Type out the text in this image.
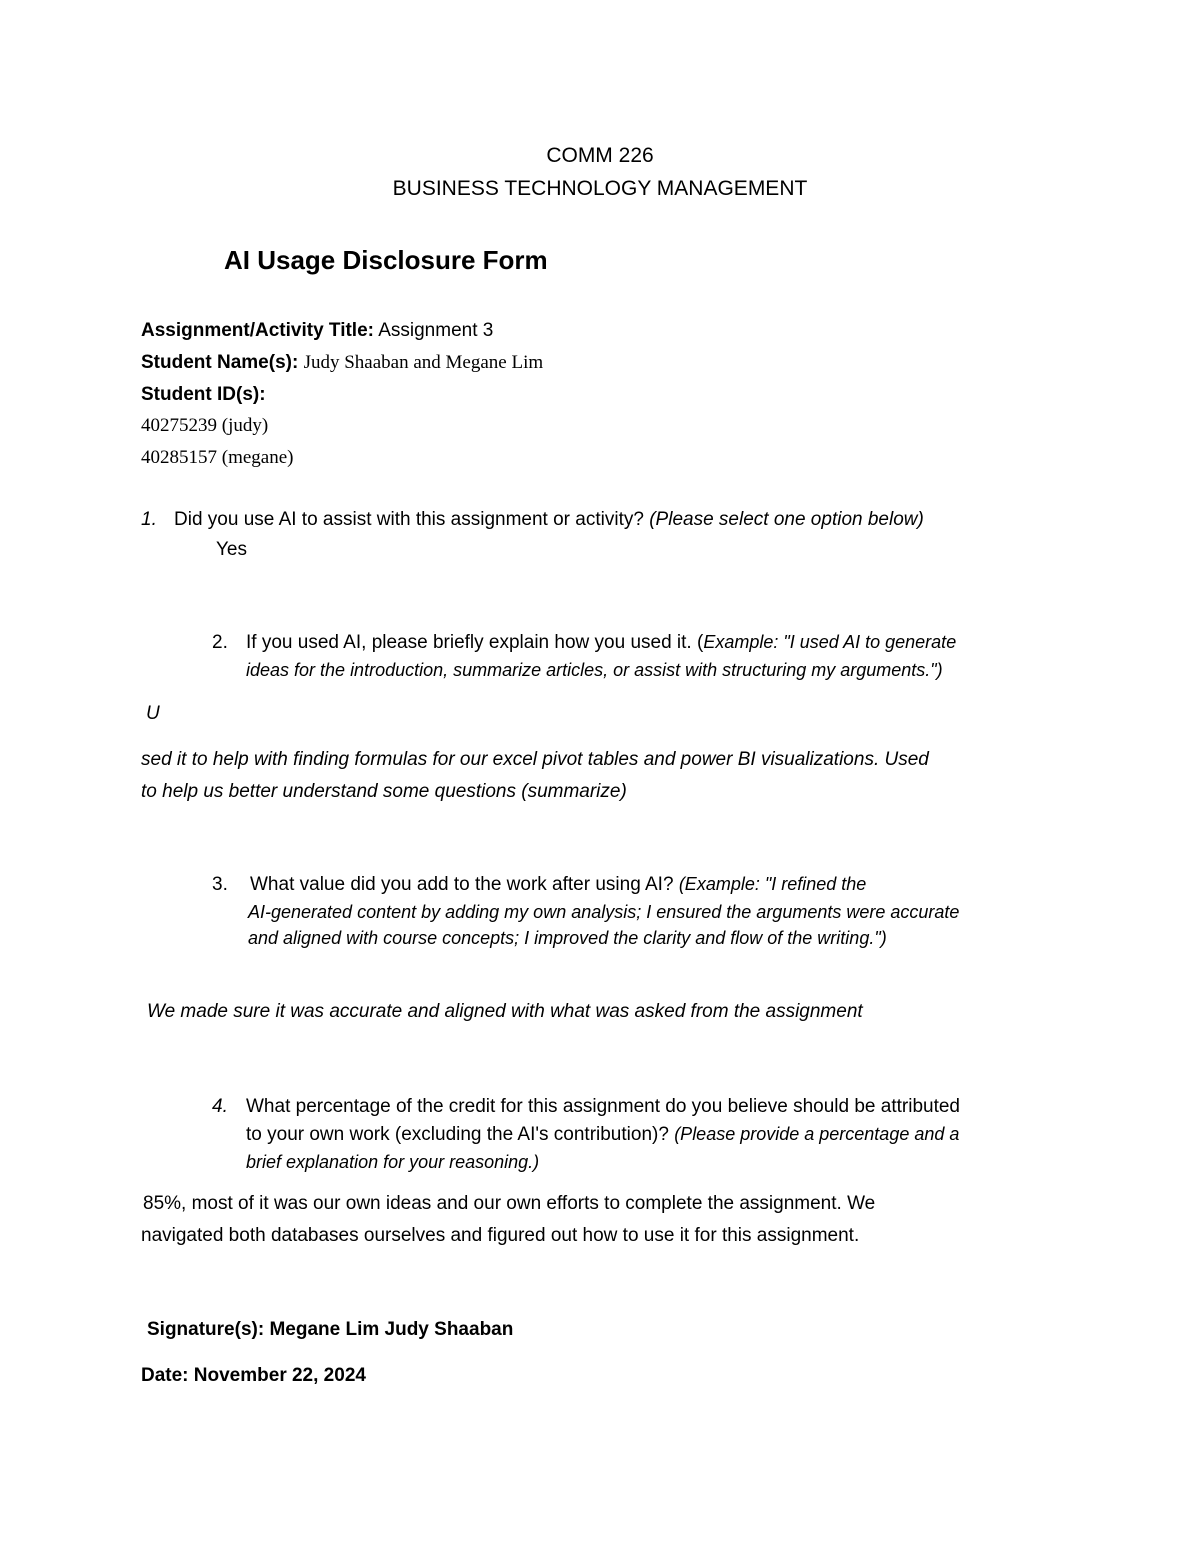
COMM 226
BUSINESS TECHNOLOGY MANAGEMENT
AI Usage Disclosure Form
Assignment/Activity Title: Assignment 3
Student Name(s): Judy Shaaban and Megane Lim
Student ID(s):
40275239 (judy)
40285157 (megane)
1. Did you use AI to assist with this assignment or activity? (Please select one option below)
Yes
2. If you used AI, please briefly explain how you used it. (Example: "I used AI to generate
ideas for the introduction, summarize articles, or assist with structuring my arguments.")
U
sed it to help with finding formulas for our excel pivot tables and power BI visualizations. Used
to help us better understand some questions (summarize)
3. What value did you add to the work after using AI? (Example: "I refined the
AI-generated content by adding my own analysis; I ensured the arguments were accurate
and aligned with course concepts; I improved the clarity and flow of the writing.")
We made sure it was accurate and aligned with what was asked from the assignment
4. What percentage of the credit for this assignment do you believe should be attributed
to your own work (excluding the AI's contribution)? (Please provide a percentage and a
brief explanation for your reasoning.)
85%, most of it was our own ideas and our own efforts to complete the assignment. We
navigated both databases ourselves and figured out how to use it for this assignment.
Signature(s): Megane Lim Judy Shaaban
Date: November 22, 2024
